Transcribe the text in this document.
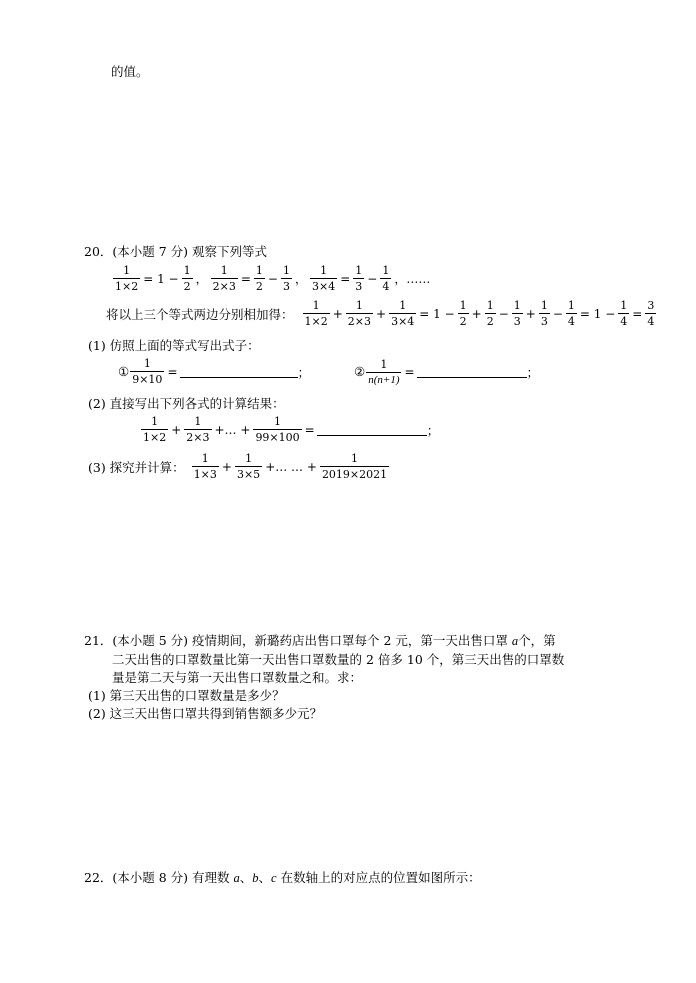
的值。
20．(本小题 7 分) 观察下列等式
$\frac{1}{1\times 2} = 1 - \frac{1}{2}$ ， $\frac{1}{2\times 3} = \frac{1}{2} - \frac{1}{3}$ ， $\frac{1}{3\times 4} = \frac{1}{3} - \frac{1}{4}$ ，……
将以上三个等式两边分别相加得： $\frac{1}{1\times 2} + \frac{1}{2\times 3} + \frac{1}{3\times 4} = 1 - \frac{1}{2} + \frac{1}{2} - \frac{1}{3} + \frac{1}{3} - \frac{1}{4} = 1 - \frac{1}{4} = \frac{3}{4}$
(1) 仿照上面的等式写出式子：
① $\frac{1}{9\times 10}$ =	；	② $\frac{1}{n(n+1)}$ =	；
(2) 直接写出下列各式的计算结果：
$\frac{1}{1\times 2} + \frac{1}{2\times 3}$ +… + $\frac{1}{99\times 100}$ =	；
(3) 探究并计算： $\frac{1}{1\times 3} + \frac{1}{3\times 5}$ +… … + $\frac{1}{2019\times 2021}$
21．(本小题 5 分) 疫情期间，新璐药店出售口罩每个 2 元，第一天出售口罩 a个，第
二天出售的口罩数量比第一天出售口罩数量的 2 倍多 10 个，第三天出售的口罩数
量是第二天与第一天出售口罩数量之和。求：
(1) 第三天出售的口罩数量是多少？
(2) 这三天出售口罩共得到销售额多少元？
22．(本小题 8 分) 有理数 a、b、c 在数轴上的对应点的位置如图所示：
